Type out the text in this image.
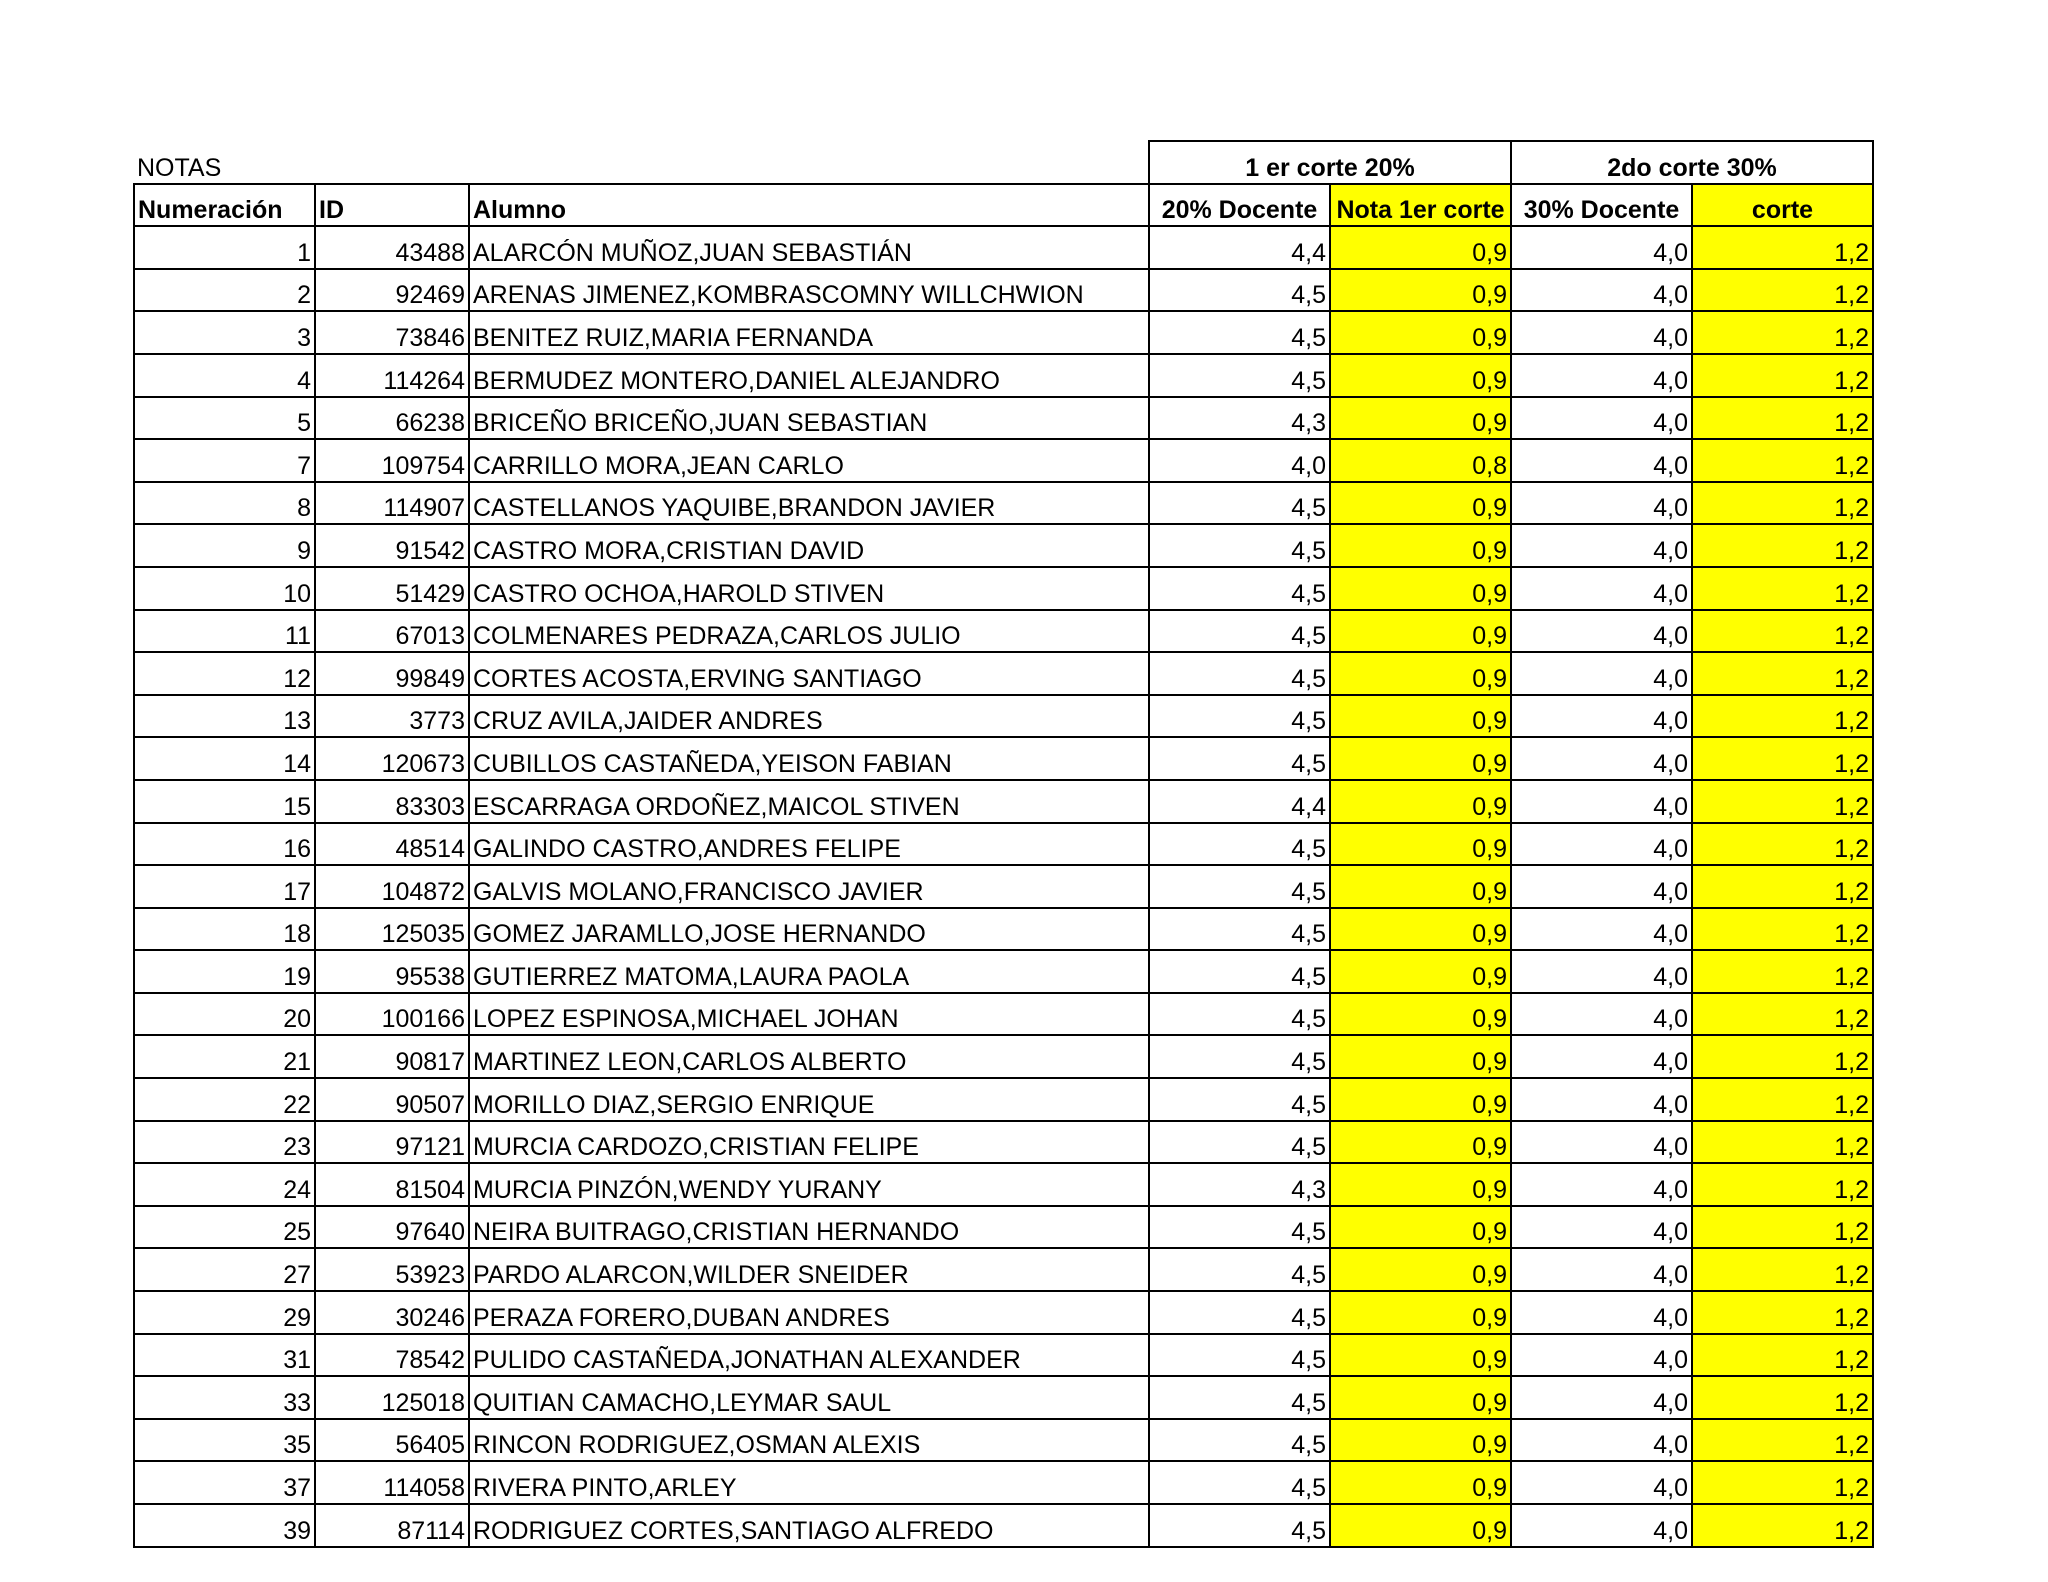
NOTAS			1 er corte 20%		2do corte 30%	
Numeración	ID	Alumno	20% Docente	Nota 1er corte	30% Docente	corte
1	43488	ALARCÓN MUÑOZ,JUAN SEBASTIÁN	4,4	0,9	4,0	1,2
2	92469	ARENAS JIMENEZ,KOMBRASCOMNY WILLCHWION	4,5	0,9	4,0	1,2
3	73846	BENITEZ RUIZ,MARIA FERNANDA	4,5	0,9	4,0	1,2
4	114264	BERMUDEZ MONTERO,DANIEL ALEJANDRO	4,5	0,9	4,0	1,2
5	66238	BRICEÑO BRICEÑO,JUAN SEBASTIAN	4,3	0,9	4,0	1,2
7	109754	CARRILLO MORA,JEAN CARLO	4,0	0,8	4,0	1,2
8	114907	CASTELLANOS YAQUIBE,BRANDON JAVIER	4,5	0,9	4,0	1,2
9	91542	CASTRO MORA,CRISTIAN DAVID	4,5	0,9	4,0	1,2
10	51429	CASTRO OCHOA,HAROLD STIVEN	4,5	0,9	4,0	1,2
11	67013	COLMENARES PEDRAZA,CARLOS JULIO	4,5	0,9	4,0	1,2
12	99849	CORTES ACOSTA,ERVING SANTIAGO	4,5	0,9	4,0	1,2
13	3773	CRUZ AVILA,JAIDER ANDRES	4,5	0,9	4,0	1,2
14	120673	CUBILLOS CASTAÑEDA,YEISON FABIAN	4,5	0,9	4,0	1,2
15	83303	ESCARRAGA ORDOÑEZ,MAICOL STIVEN	4,4	0,9	4,0	1,2
16	48514	GALINDO CASTRO,ANDRES FELIPE	4,5	0,9	4,0	1,2
17	104872	GALVIS MOLANO,FRANCISCO JAVIER	4,5	0,9	4,0	1,2
18	125035	GOMEZ JARAMLLO,JOSE HERNANDO	4,5	0,9	4,0	1,2
19	95538	GUTIERREZ MATOMA,LAURA PAOLA	4,5	0,9	4,0	1,2
20	100166	LOPEZ ESPINOSA,MICHAEL JOHAN	4,5	0,9	4,0	1,2
21	90817	MARTINEZ LEON,CARLOS ALBERTO	4,5	0,9	4,0	1,2
22	90507	MORILLO DIAZ,SERGIO ENRIQUE	4,5	0,9	4,0	1,2
23	97121	MURCIA CARDOZO,CRISTIAN FELIPE	4,5	0,9	4,0	1,2
24	81504	MURCIA PINZÓN,WENDY YURANY	4,3	0,9	4,0	1,2
25	97640	NEIRA BUITRAGO,CRISTIAN HERNANDO	4,5	0,9	4,0	1,2
27	53923	PARDO ALARCON,WILDER SNEIDER	4,5	0,9	4,0	1,2
29	30246	PERAZA FORERO,DUBAN ANDRES	4,5	0,9	4,0	1,2
31	78542	PULIDO CASTAÑEDA,JONATHAN ALEXANDER	4,5	0,9	4,0	1,2
33	125018	QUITIAN CAMACHO,LEYMAR SAUL	4,5	0,9	4,0	1,2
35	56405	RINCON RODRIGUEZ,OSMAN ALEXIS	4,5	0,9	4,0	1,2
37	114058	RIVERA PINTO,ARLEY	4,5	0,9	4,0	1,2
39	87114	RODRIGUEZ CORTES,SANTIAGO ALFREDO	4,5	0,9	4,0	1,2
